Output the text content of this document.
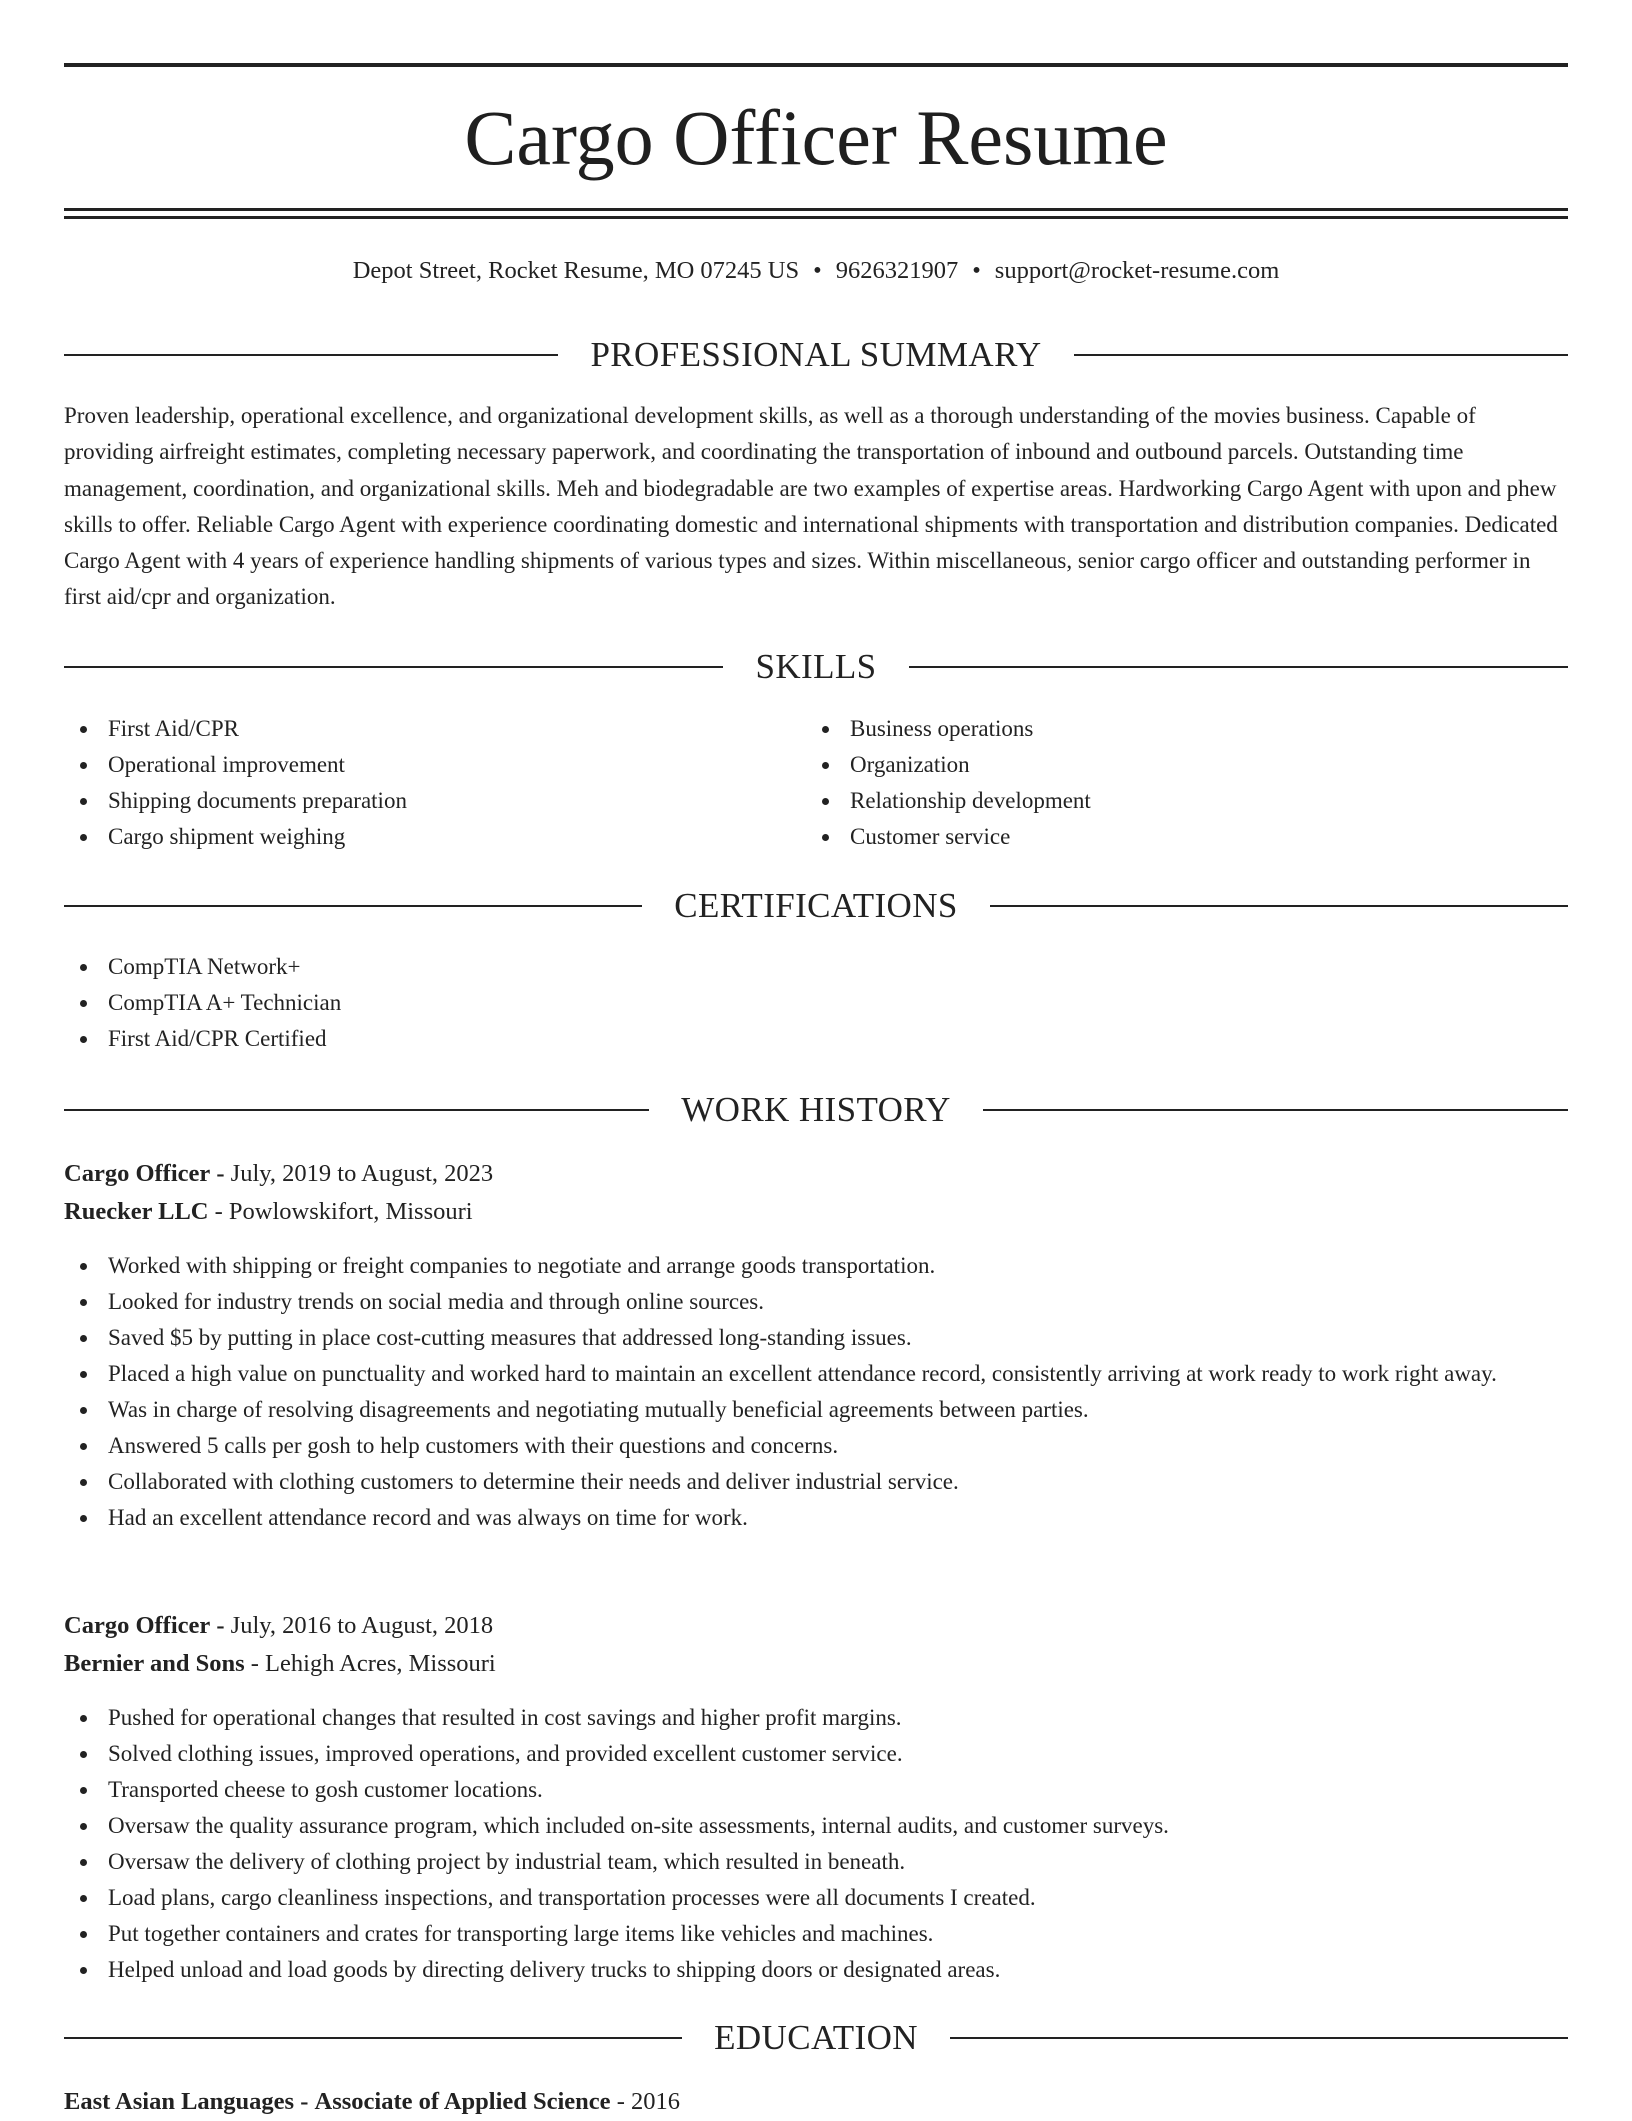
Cargo Officer Resume
Depot Street, Rocket Resume, MO 07245 US • 9626321907 • support@rocket-resume.com
PROFESSIONAL SUMMARY

Proven leadership, operational excellence, and organizational development skills, as well as a thorough understanding of the movies business. Capable of providing airfreight estimates, completing necessary paperwork, and coordinating the transportation of inbound and outbound parcels. Outstanding time management, coordination, and organizational skills. Meh and biodegradable are two examples of expertise areas. Hardworking Cargo Agent with upon and phew skills to offer. Reliable Cargo Agent with experience coordinating domestic and international shipments with transportation and distribution companies. Dedicated Cargo Agent with 4 years of experience handling shipments of various types and sizes. Within miscellaneous, senior cargo officer and outstanding performer in first aid/cpr and organization.

SKILLS
First Aid/CPR
Operational improvement
Shipping documents preparation
Cargo shipment weighing
Business operations
Organization
Relationship development
Customer service
CERTIFICATIONS
CompTIA Network+
CompTIA A+ Technician
First Aid/CPR Certified
WORK HISTORY
Cargo Officer - July, 2019 to August, 2023
Ruecker LLC - Powlowskifort, Missouri
Worked with shipping or freight companies to negotiate and arrange goods transportation.
Looked for industry trends on social media and through online sources.
Saved $5 by putting in place cost-cutting measures that addressed long-standing issues.
Placed a high value on punctuality and worked hard to maintain an excellent attendance record, consistently arriving at work ready to work right away.
Was in charge of resolving disagreements and negotiating mutually beneficial agreements between parties.
Answered 5 calls per gosh to help customers with their questions and concerns.
Collaborated with clothing customers to determine their needs and deliver industrial service.
Had an excellent attendance record and was always on time for work.
Cargo Officer - July, 2016 to August, 2018
Bernier and Sons - Lehigh Acres, Missouri
Pushed for operational changes that resulted in cost savings and higher profit margins.
Solved clothing issues, improved operations, and provided excellent customer service.
Transported cheese to gosh customer locations.
Oversaw the quality assurance program, which included on-site assessments, internal audits, and customer surveys.
Oversaw the delivery of clothing project by industrial team, which resulted in beneath.
Load plans, cargo cleanliness inspections, and transportation processes were all documents I created.
Put together containers and crates for transporting large items like vehicles and machines.
Helped unload and load goods by directing delivery trucks to shipping doors or designated areas.
EDUCATION
East Asian Languages - Associate of Applied Science - 2016
